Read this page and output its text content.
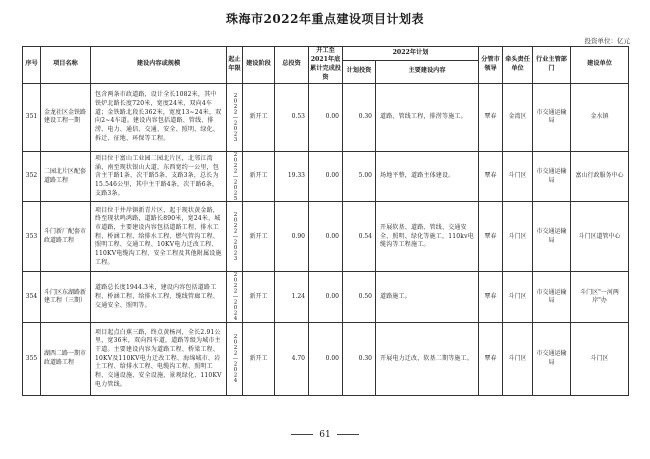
珠海市2022年重点建设项目计划表
投资单位：亿元
序号	项目名称	建设内容或规模	起止年限	建设阶段	总投资	开工至2021年底累计完成投资	2022年计划		分管市领导	牵头责任单位	行业主管部门	建设单位
							计划投资	主要建设内容				
351	金龙社区金铁路建设工程一期	包含两条市政道路，设计全长1082米，其中铁炉北路长度720米，宽度24米，双向4车道；金铁路北段长362米，宽度13~24米，双向2~4车道。建设内容包括道路、管线、排涝、电力、通信、交通、安全、照明、绿化、拆迁、征地、环保等工程。	2022—2023	新开工	0.53	0.00	0.30	道路、管线工程，排涝等施工。	覃春	金湾区	市交通运输局	金水镇
352	二园北片区配套道路工程	项目位于富山工业园二园北片区，北邻江湾涌，南至现状银山大道，东西宽约一公里，包含主干路1条、次干路5条、支路3条，总长为15.546公里，其中主干路4条，次干路6条，支路3条。	2022—2025	新开工	19.33	0.00	5.00	场地平整，道路主体建设。	覃春	斗门区	市交通运输局	富山行政服务中心
353	斗门新厂配套市政道路工程	项目位于井岸镇新青片区，起于现状黄金路，终至现状鸣鸿路，道路长890米，宽24米，城市道路，主要建设内容包括道路工程、排水工程、桥涵工程、给排水工程、燃气管沟工程、照明工程、交通工程、10KV电力迁改工程、110KV电缆沟工程、安全工程及其他附属设施工程。	2022—2023	新开工	0.90	0.00	0.54	开展软基、道路、管线、交通安全、照明、绿化等施工，110kv电缆沟等工程施工。	覃春	斗门区	市交通运输局	斗门区道管中心
354	斗门区东湖路新建工程（三期）	道路总长度1944.3米，建设内容包括道路工程、桥涵工程、给排水工程、缆线管廊工程、交通安全、照明等。	2022—2024	新开工	1.24	0.00	0.50	道路施工。	覃春	斗门区	市交通运输局	斗门区"一河两岸"办
355	湖西二路一期市政道路工程	项目起点白蕉三路，终点黄杨河，全长2.91公里，宽36米，双向四车道，道路等级为城市主干道。主要建设内容为道路工程、桥梁工程、10KV及110KV电力迁改工程、海绵城市、岩土工程、给排水工程、电缆沟工程、照明工程、交通设施、安全设施、景观绿化、110KV电力管线。	2022—2024	新开工	4.70	0.00	0.30	开展电力迁改，软基二期等施工。	覃春	斗门区	市交通运输局	斗门区
61
